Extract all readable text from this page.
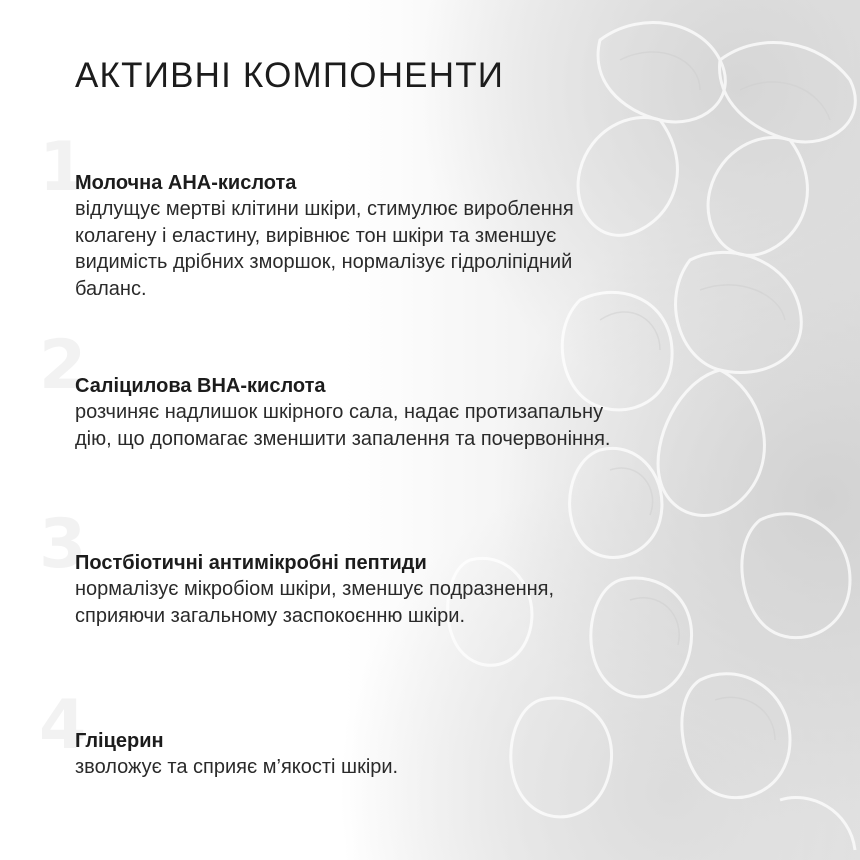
АКТИВНІ КОМПОНЕНТИ
1

Молочна АНА-кислота

відлущує мертві клітини шкіри, стимулює вироблення колагену і еластину, вирівнює тон шкіри та зменшує видимість дрібних зморшок, нормалізує гідроліпідний баланс.

2

Саліцилова ВНА-кислота

розчиняє надлишок шкірного сала, надає протизапальну дію, що допомагає зменшити запалення та почервоніння.

3

Постбіотичні антимікробні пептиди

нормалізує мікробіом шкіри, зменшує подразнення, сприяючи загальному заспокоєнню шкіри.

4

Гліцерин

зволожує та сприяє м’якості шкіри.
